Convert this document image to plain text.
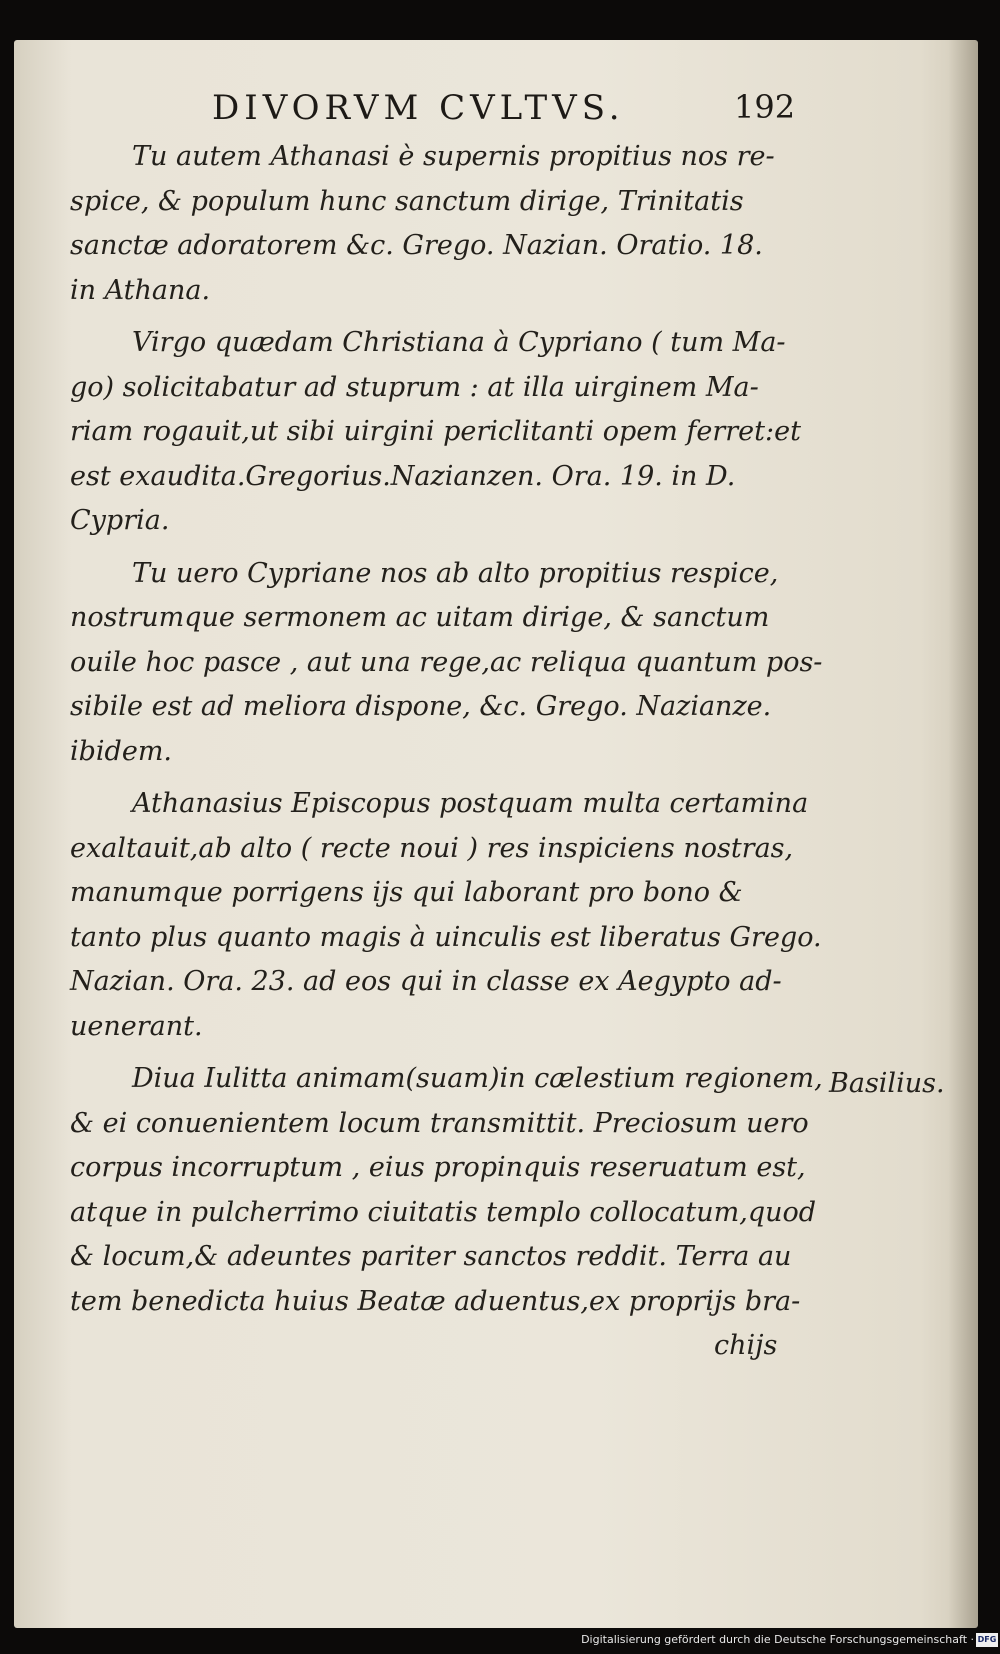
DIVORVM CVLTVS.	192

Tu autem Athanasi è supernis propitius nos re-
spice, & populum hunc sanctum dirige, Trinitatis
sanctæ adoratorem &c. Grego. Nazian. Oratio. 18.
in Athana.

Virgo quædam Christiana à Cypriano ( tum Ma-
go) solicitabatur ad stuprum : at illa uirginem Ma-
riam rogauit,ut sibi uirgini periclitanti opem ferret:et
est exaudita.Gregorius.Nazianzen. Ora. 19. in D.
Cypria.

Tu uero Cypriane nos ab alto propitius respice,
nostrumque sermonem ac uitam dirige, & sanctum
ouile hoc pasce , aut una rege,ac reliqua quantum pos-
sibile est ad meliora dispone, &c. Grego. Nazianze.
ibidem.

Athanasius Episcopus postquam multa certamina
exaltauit,ab alto ( recte noui ) res inspiciens nostras,
manumque porrigens ijs qui laborant pro bono &
tanto plus quanto magis à uinculis est liberatus Grego.
Nazian. Ora. 23. ad eos qui in classe ex Aegypto ad-
uenerant.

Diua Iulitta animam(suam)in cælestium regionem,
& ei conuenientem locum transmittit. Preciosum uero
corpus incorruptum , eius propinquis reseruatum est,
atque in pulcherrimo ciuitatis templo collocatum,quod
& locum,& adeuntes pariter sanctos reddit. Terra au
tem benedicta huius Beatæ aduentus,ex proprijs bra-

Basilius.
chijs
Digitalisierung gefördert durch die Deutsche Forschungsgemeinschaft · DFG
